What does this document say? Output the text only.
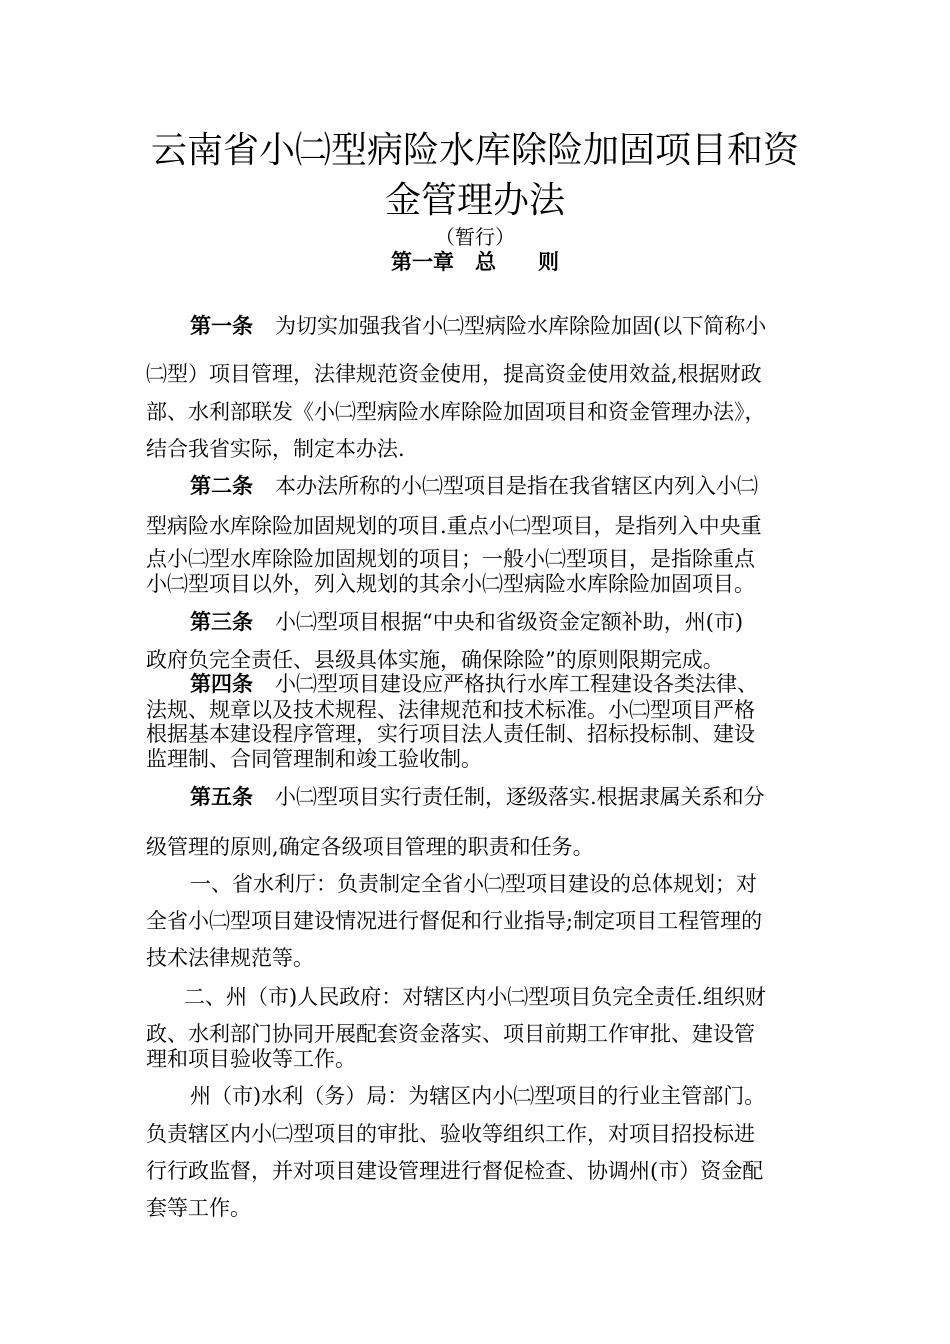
云南省小㈡型病险水库除险加固项目和资
金管理办法
（暂行）
第一章　总　　则
第一条 为切实加强我省小㈡型病险水库除险加固(以下简称小
㈡型）项目管理，法律规范资金使用，提高资金使用效益,根据财政
部、水利部联发《小㈡型病险水库除险加固项目和资金管理办法》，
结合我省实际，制定本办法.
第二条 本办法所称的小㈡型项目是指在我省辖区内列入小㈡
型病险水库除险加固规划的项目.重点小㈡型项目，是指列入中央重
点小㈡型水库除险加固规划的项目；一般小㈡型项目，是指除重点
小㈡型项目以外，列入规划的其余小㈡型病险水库除险加固项目。
第三条 小㈡型项目根据“中央和省级资金定额补助，州(市)
政府负完全责任、县级具体实施，确保除险”的原则限期完成。
第四条 小㈡型项目建设应严格执行水库工程建设各类法律、
法规、规章以及技术规程、法律规范和技术标准。小㈡型项目严格
根据基本建设程序管理，实行项目法人责任制、招标投标制、建设
监理制、合同管理制和竣工验收制。
第五条 小㈡型项目实行责任制，逐级落实.根据隶属关系和分
级管理的原则,确定各级项目管理的职责和任务。
一、省水利厅：负责制定全省小㈡型项目建设的总体规划；对
全省小㈡型项目建设情况进行督促和行业指导;制定项目工程管理的
技术法律规范等。
二、州（市)人民政府：对辖区内小㈡型项目负完全责任.组织财
政、水利部门协同开展配套资金落实、项目前期工作审批、建设管
理和项目验收等工作。
州（市)水利（务）局：为辖区内小㈡型项目的行业主管部门。
负责辖区内小㈡型项目的审批、验收等组织工作，对项目招投标进
行行政监督，并对项目建设管理进行督促检查、协调州(市）资金配
套等工作。
